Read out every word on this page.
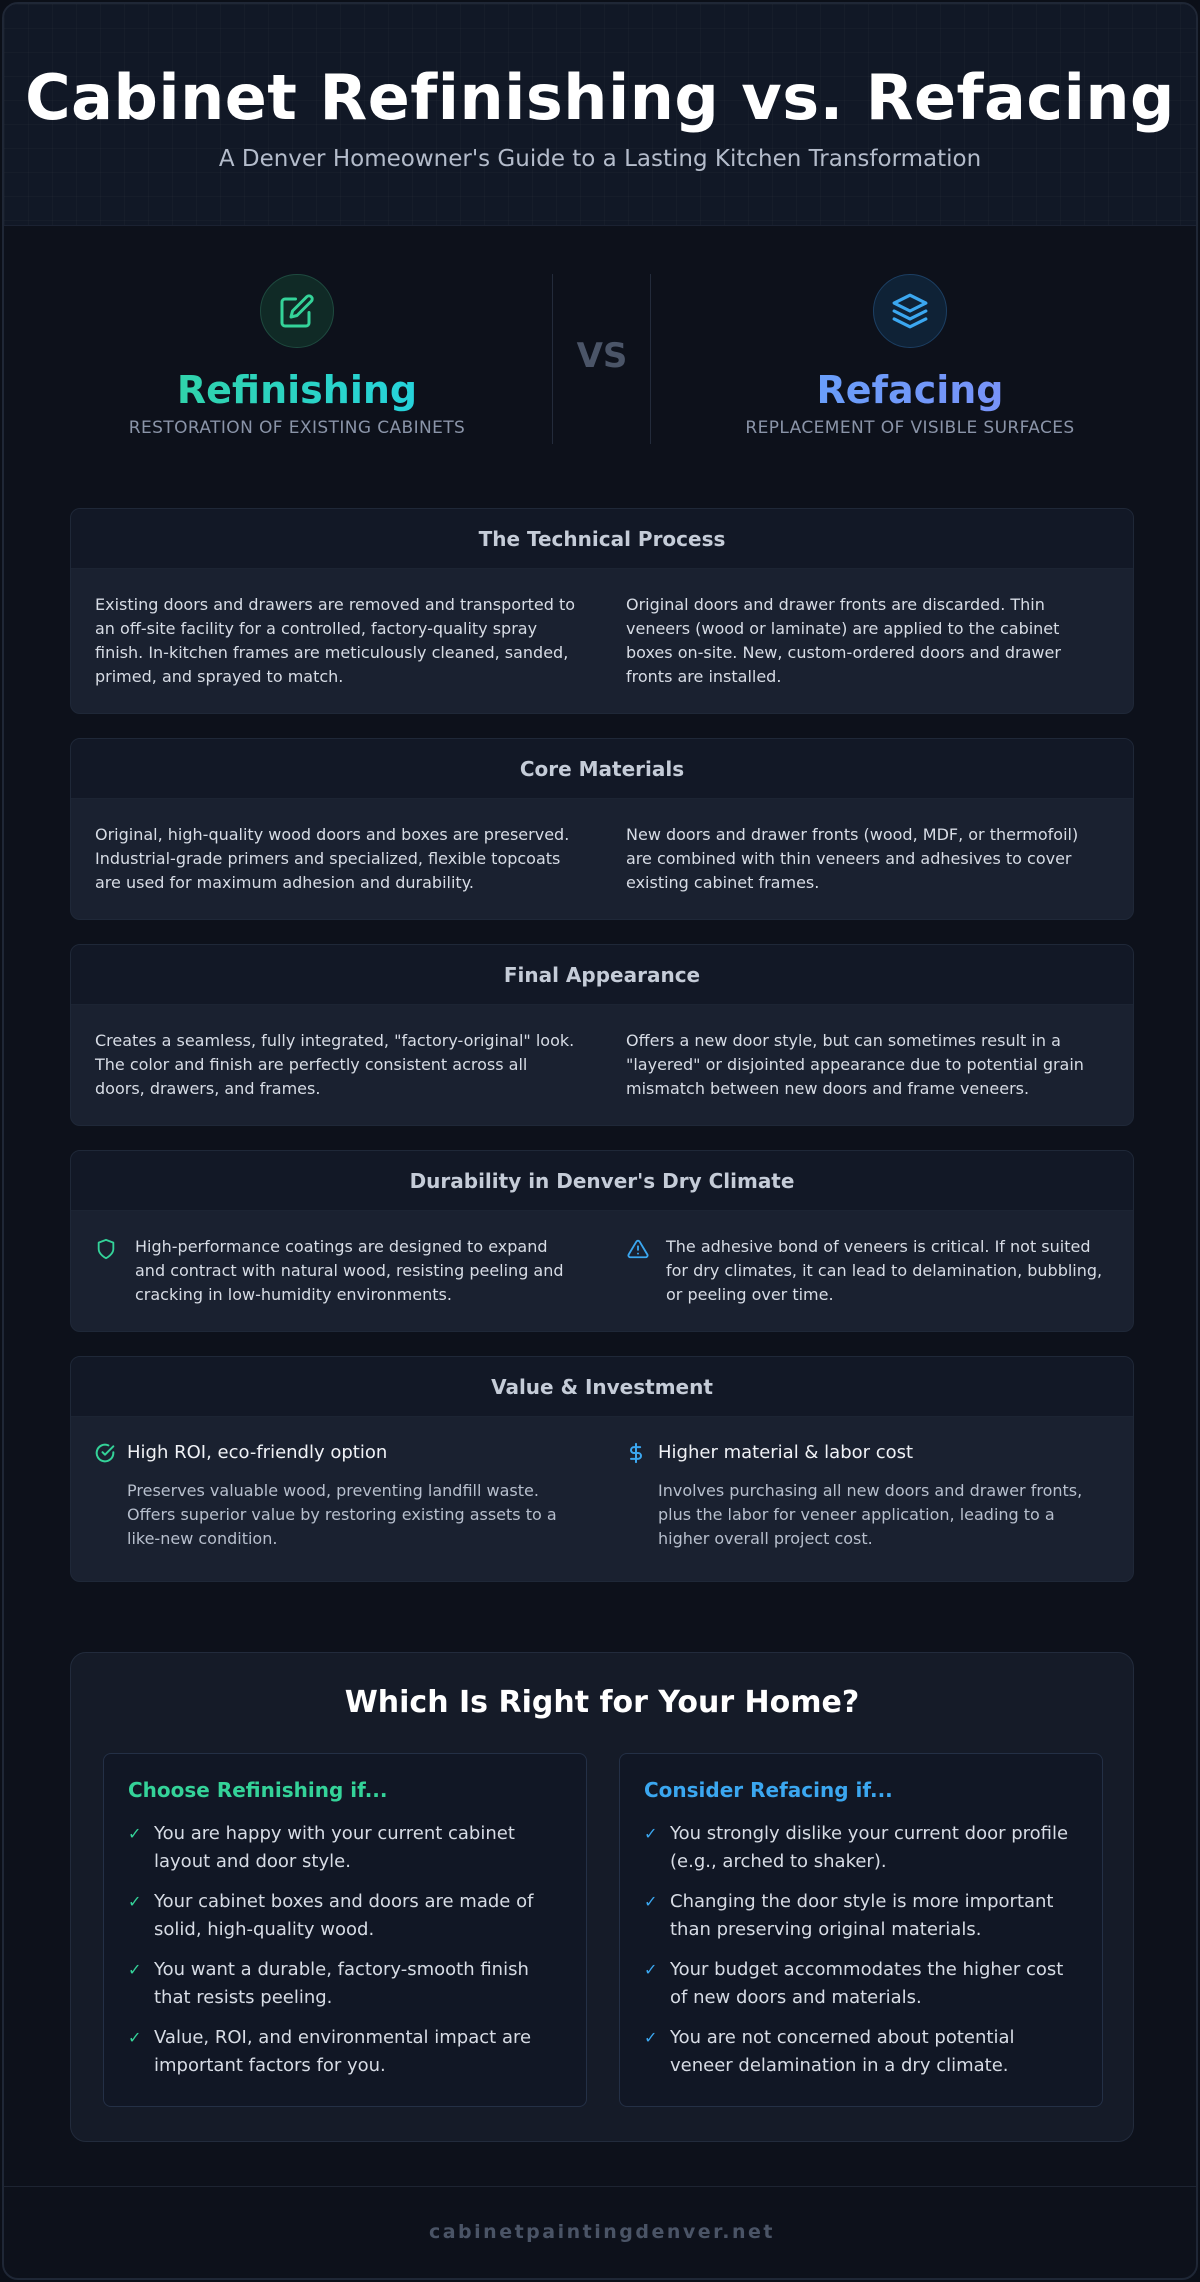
Cabinet Refinishing vs. Refacing
A Denver Homeowner's Guide to a Lasting Kitchen Transformation
Refinishing
RESTORATION OF EXISTING CABINETS
VS
Refacing
REPLACEMENT OF VISIBLE SURFACES
The Technical Process
Existing doors and drawers are removed and transported to an off-site facility for a controlled, factory-quality spray finish. In-kitchen frames are meticulously cleaned, sanded, primed, and sprayed to match.
Original doors and drawer fronts are discarded. Thin veneers (wood or laminate) are applied to the cabinet boxes on-site. New, custom-ordered doors and drawer fronts are installed.
Core Materials
Original, high-quality wood doors and boxes are preserved. Industrial-grade primers and specialized, flexible topcoats are used for maximum adhesion and durability.
New doors and drawer fronts (wood, MDF, or thermofoil) are combined with thin veneers and adhesives to cover existing cabinet frames.
Final Appearance
Creates a seamless, fully integrated, "factory-original" look. The color and finish are perfectly consistent across all doors, drawers, and frames.
Offers a new door style, but can sometimes result in a "layered" or disjointed appearance due to potential grain mismatch between new doors and frame veneers.
Durability in Denver's Dry Climate
High-performance coatings are designed to expand and contract with natural wood, resisting peeling and cracking in low-humidity environments.
The adhesive bond of veneers is critical. If not suited for dry climates, it can lead to delamination, bubbling, or peeling over time.
Value & Investment
High ROI, eco-friendly option
Preserves valuable wood, preventing landfill waste. Offers superior value by restoring existing assets to a like-new condition.
Higher material & labor cost
Involves purchasing all new doors and drawer fronts, plus the labor for veneer application, leading to a higher overall project cost.
Which Is Right for Your Home?
Choose Refinishing if...
✓ You are happy with your current cabinet layout and door style.
✓ Your cabinet boxes and doors are made of solid, high-quality wood.
✓ You want a durable, factory-smooth finish that resists peeling.
✓ Value, ROI, and environmental impact are important factors for you.
Consider Refacing if...
✓ You strongly dislike your current door profile (e.g., arched to shaker).
✓ Changing the door style is more important than preserving original materials.
✓ Your budget accommodates the higher cost of new doors and materials.
✓ You are not concerned about potential veneer delamination in a dry climate.
cabinetpaintingdenver.net
